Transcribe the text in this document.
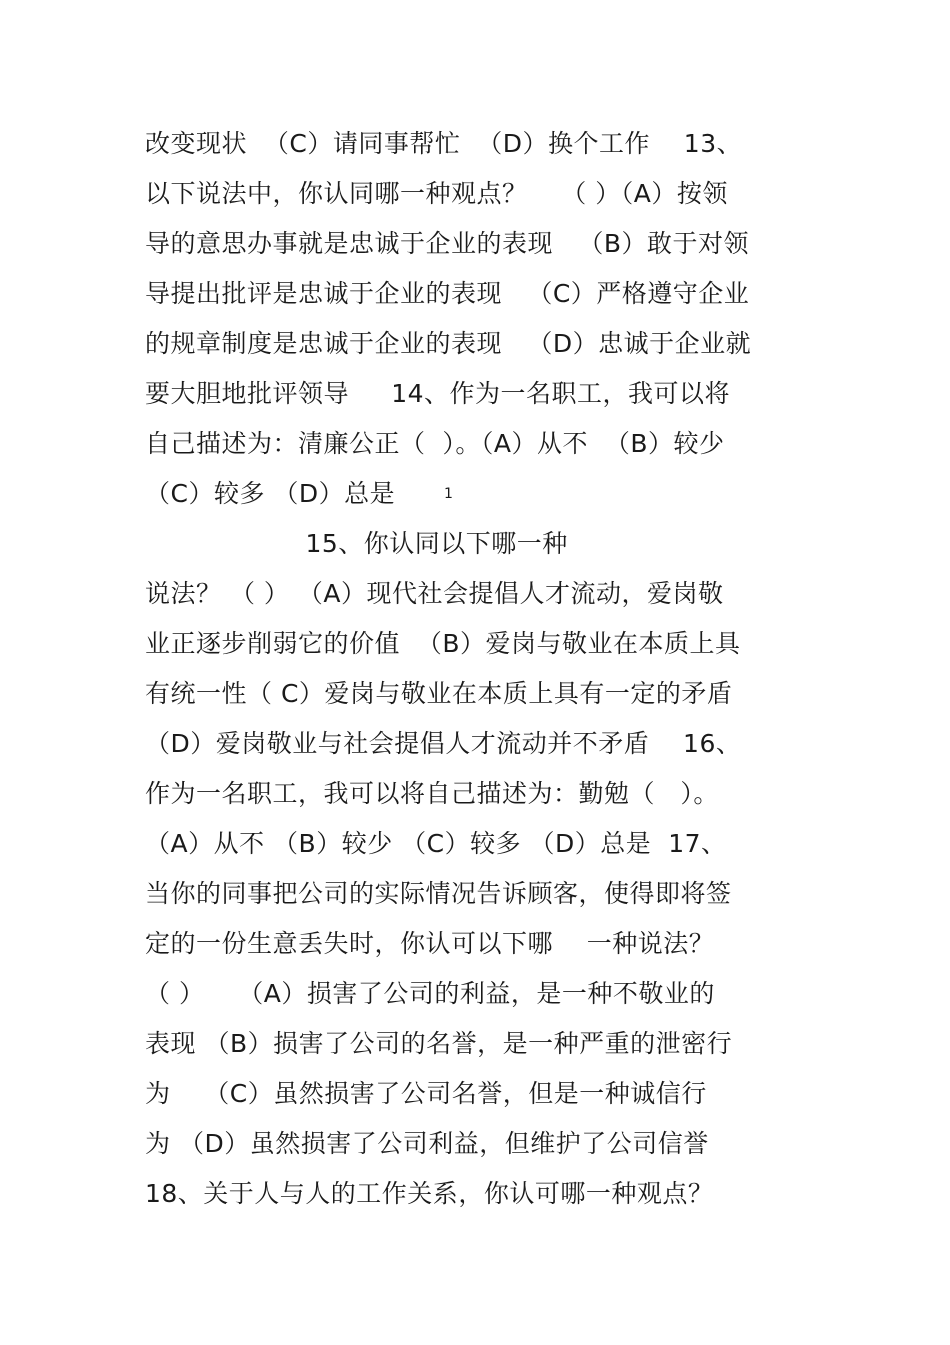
改变现状  （C）请同事帮忙  （D）换个工作    13、
以下说法中，你认同哪一种观点？    （ ）（A）按领
导的意思办事就是忠诚于企业的表现   （B）敢于对领
导提出批评是忠诚于企业的表现   （C）严格遵守企业
的规章制度是忠诚于企业的表现   （D）忠诚于企业就
要大胆地批评领导     14、作为一名职工，我可以将
自己描述为：清廉公正（  ）。（A）从不  （B）较少
（C）较多 （D）总是	1
15、你认同以下哪一种
说法？ （ ） （A）现代社会提倡人才流动，爱岗敬
业正逐步削弱它的价值  （B）爱岗与敬业在本质上具
有统一性（ C）爱岗与敬业在本质上具有一定的矛盾
（D）爱岗敬业与社会提倡人才流动并不矛盾    16、
作为一名职工，我可以将自己描述为：勤勉（   ）。
（A）从不 （B）较少 （C）较多 （D）总是  17、
当你的同事把公司的实际情况告诉顾客，使得即将签
定的一份生意丢失时，你认可以下哪    一种说法？
（ ）    （A）损害了公司的利益，是一种不敬业的
表现 （B）损害了公司的名誉，是一种严重的泄密行
为    （C）虽然损害了公司名誉，但是一种诚信行
为 （D）虽然损害了公司利益，但维护了公司信誉
18、关于人与人的工作关系，你认可哪一种观点？
